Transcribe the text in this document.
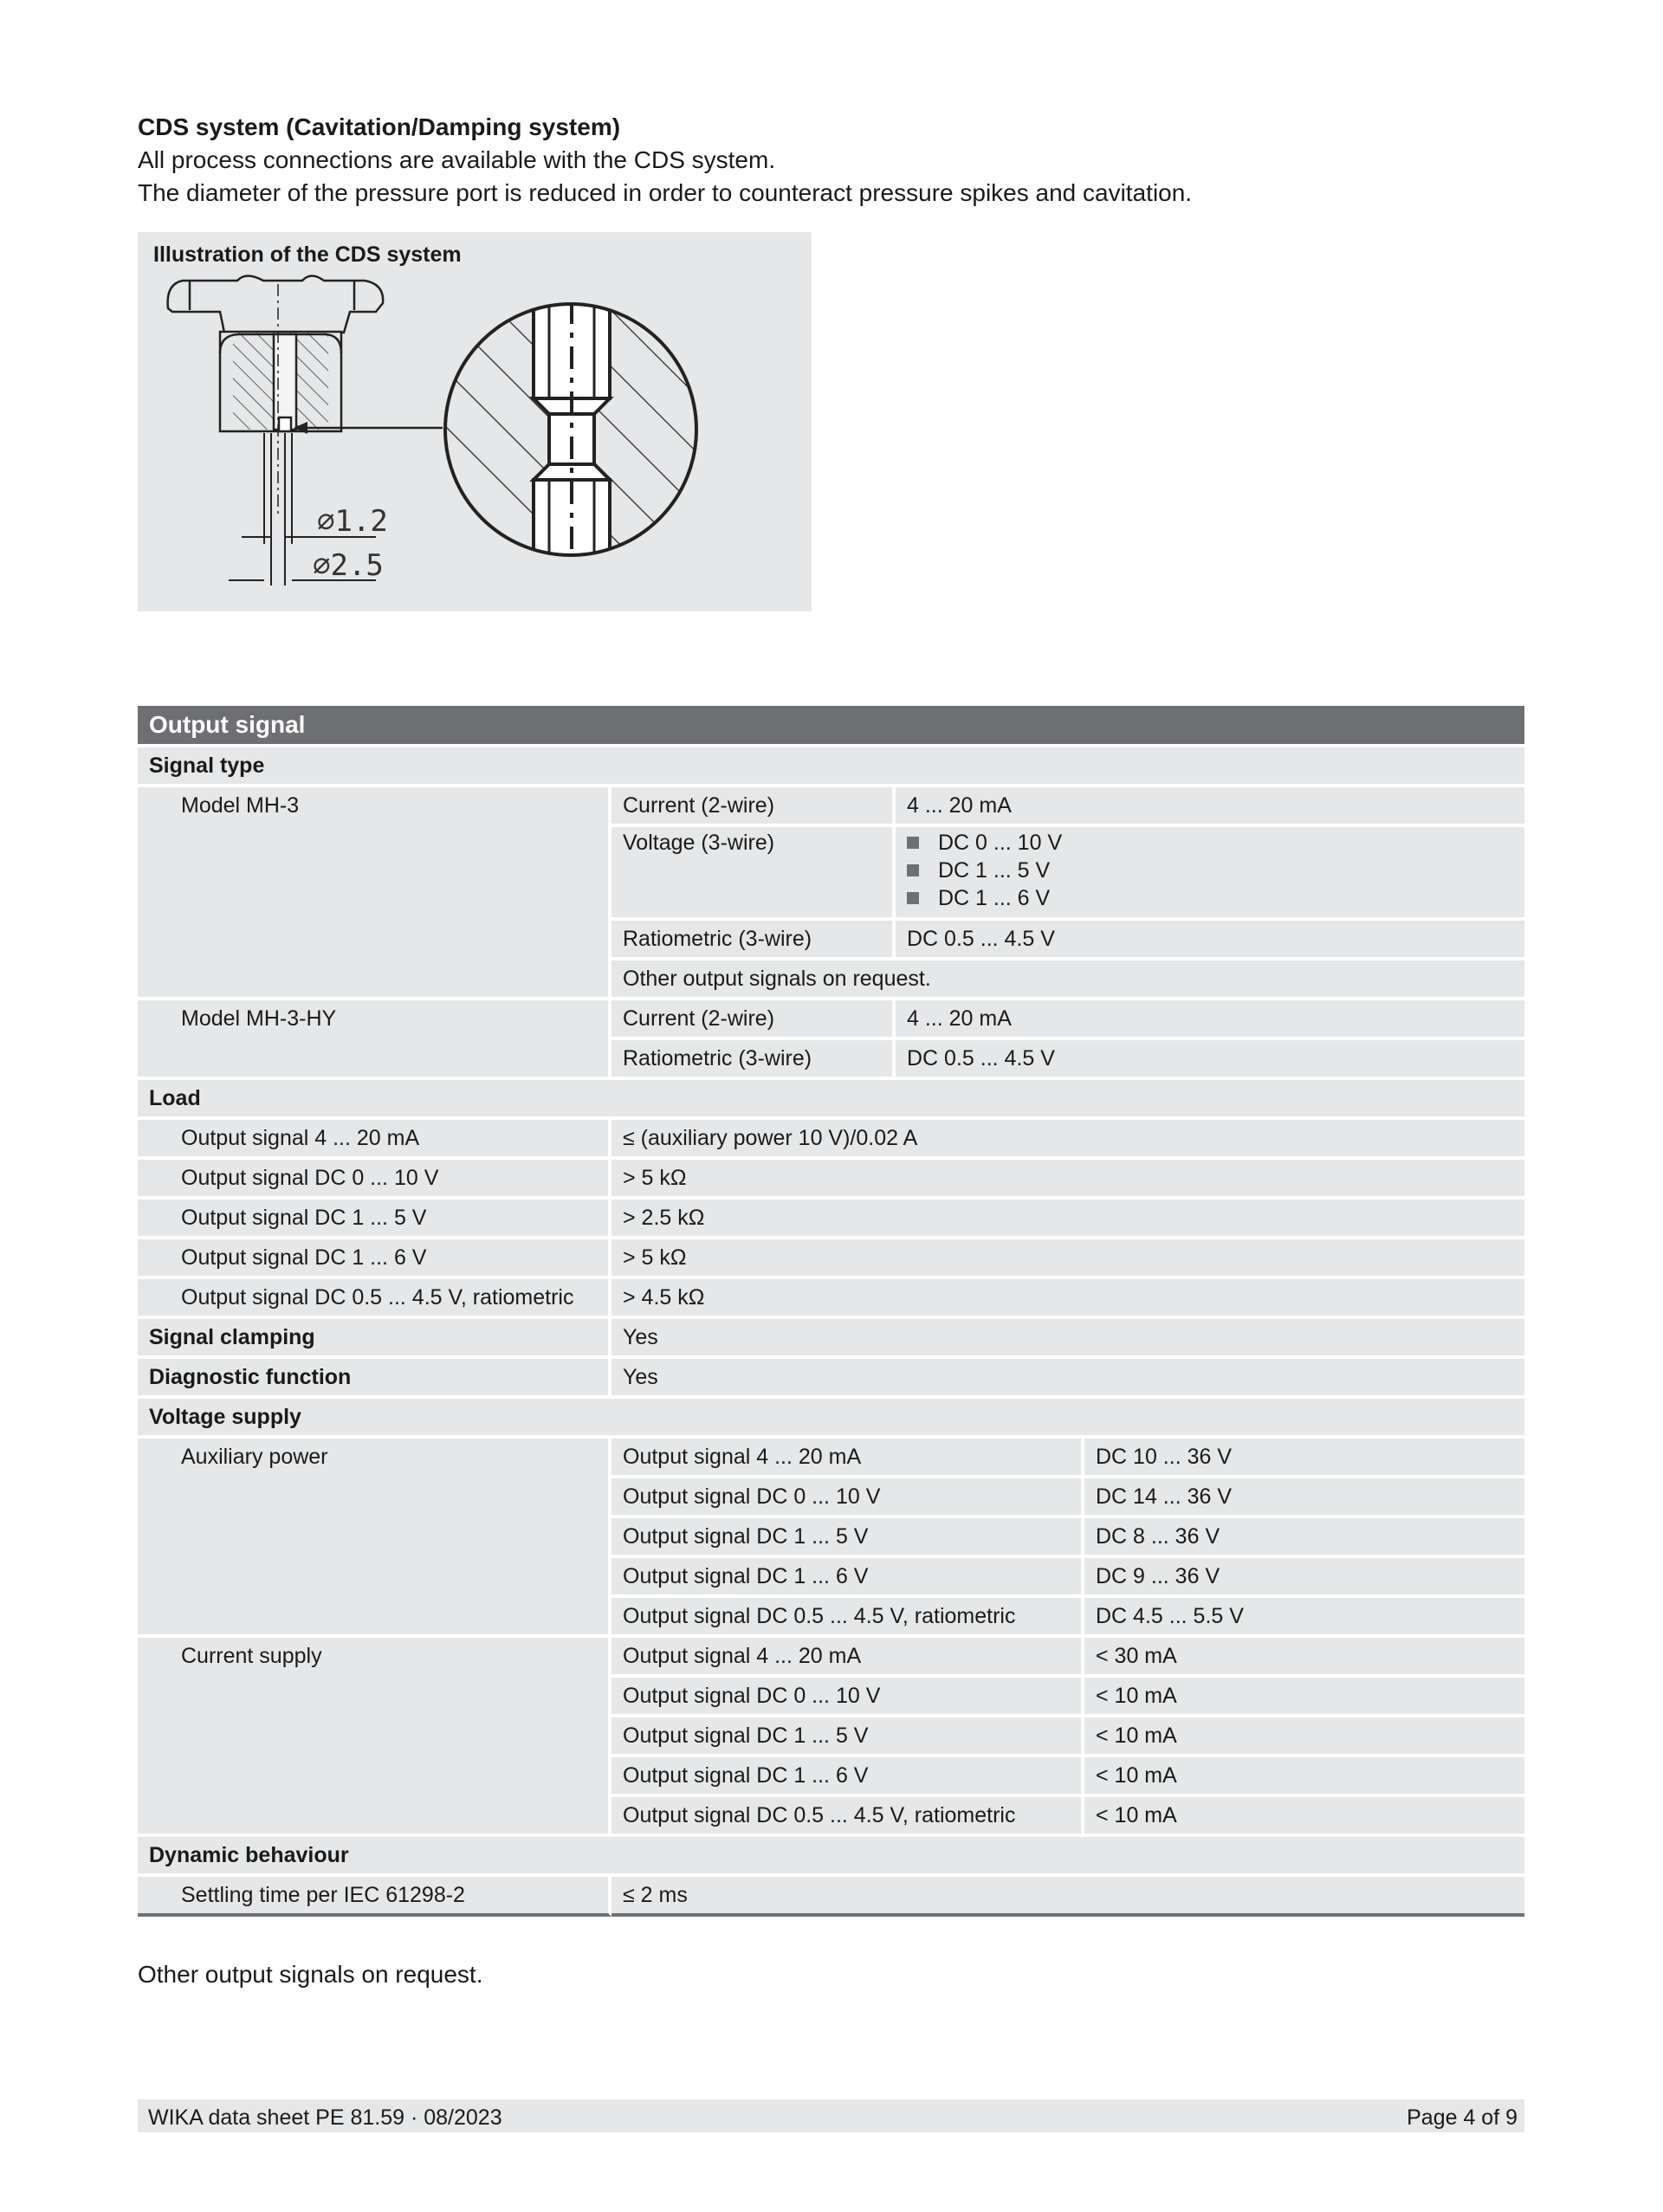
CDS system (Cavitation/Damping system)
All process connections are available with the CDS system.
The diameter of the pressure port is reduced in order to counteract pressure spikes and cavitation.
Illustration of the CDS system
⌀1.2
⌀2.5
Output signal			
Signal type			
Model MH-3	Current (2-wire)	4 ... 20 mA	
	Voltage (3-wire)	DC 0 ... 10 V
DC 1 ... 5 V
DC 1 ... 6 V	

	Ratiometric (3-wire)	DC 0.5 ... 4.5 V	
	Other output signals on request.		
Model MH-3-HY	Current (2-wire)	4 ... 20 mA	
	Ratiometric (3-wire)	DC 0.5 ... 4.5 V	
Load			
Output signal 4 ... 20 mA	≤ (auxiliary power 10 V)/0.02 A		
Output signal DC 0 ... 10 V	> 5 kΩ		
Output signal DC 1 ... 5 V	> 2.5 kΩ		
Output signal DC 1 ... 6 V	> 5 kΩ		
Output signal DC 0.5 ... 4.5 V, ratiometric	> 4.5 kΩ		
Signal clamping	Yes		
Diagnostic function	Yes		
Voltage supply			
Auxiliary power	Output signal 4 ... 20 mA		DC 10 ... 36 V
	Output signal DC 0 ... 10 V		DC 14 ... 36 V
	Output signal DC 1 ... 5 V		DC 8 ... 36 V
	Output signal DC 1 ... 6 V		DC 9 ... 36 V
	Output signal DC 0.5 ... 4.5 V, ratiometric		DC 4.5 ... 5.5 V
Current supply	Output signal 4 ... 20 mA		< 30 mA
	Output signal DC 0 ... 10 V		< 10 mA
	Output signal DC 1 ... 5 V		< 10 mA
	Output signal DC 1 ... 6 V		< 10 mA
	Output signal DC 0.5 ... 4.5 V, ratiometric		< 10 mA
Dynamic behaviour			
Settling time per IEC 61298-2	≤ 2 ms		
Other output signals on request.
WIKA data sheet PE 81.59 · 08/2023	Page 4 of 9
